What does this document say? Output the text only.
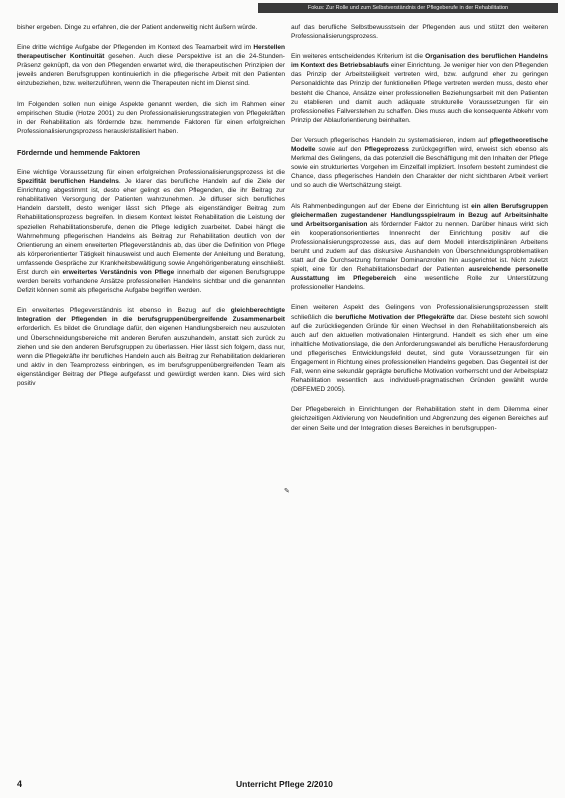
Fokus: Zur Rolle und zum Selbstverständnis der Pflegeberufe in der Rehabilitation

bisher ergeben. Dinge zu erfahren, die der Patient anderweitig nicht äußern würde.

Eine dritte wichtige Aufgabe der Pflegenden im Kontext des Teamarbeit wird im Herstellen therapeutischer Kontinuität gesehen. Auch diese Perspektive ist an die 24-Stunden-Präsenz geknüpft, da von den Pflegenden erwartet wird, die therapeutischen Prinzipien der jeweils anderen Berufsgruppen kontinuierlich in die pflegerische Arbeit mit den Patienten einzubeziehen, bzw. weiterzuführen, wenn die Therapeuten nicht im Dienst sind.

Im Folgenden sollen nun einige Aspekte genannt werden, die sich im Rahmen einer empirischen Studie (Hotze 2001) zu den Professionalisierungsstrategien von Pflegekräften in der Rehabilitation als fördernde bzw. hemmende Faktoren für einen erfolgreichen Professionalisierungsprozess herauskristallisiert haben.

Fördernde und hemmende Faktoren

Eine wichtige Voraussetzung für einen erfolgreichen Professionalisierungsprozess ist die Spezifität beruflichen Handelns. Je klarer das berufliche Handeln auf die Ziele der Einrichtung abgestimmt ist, desto eher gelingt es den Pflegenden, die ihr Beitrag zur rehabilitativen Versorgung der Patienten wahrzunehmen. Je diffuser sich berufliches Handeln darstellt, desto weniger lässt sich Pflege als eigenständiger Beitrag zum Rehabilitationsprozess begreifen. In diesem Kontext leistet Rehabilitation die Leistung der speziellen Rehabilitationsberufe, denen die Pflege lediglich zuarbeitet. Dabei hängt die Wahrnehmung pflegerischen Handelns als Beitrag zur Rehabilitation deutlich von der Orientierung an einem erweiterten Pflegeverständnis ab, das über die Definition von Pflege als körperorientierter Tätigkeit hinausweist und auch Elemente der Anleitung und Beratung, umfassende Gespräche zur Krankheitsbewältigung sowie Angehörigenberatung einschließt. Erst durch ein erweitertes Verständnis von Pflege innerhalb der eigenen Berufsgruppe werden bereits vorhandene Ansätze professionellen Handelns sichtbar und die genannten Defizit können somit als pflegerische Aufgabe begriffen werden.

Ein erweitertes Pflegeverständnis ist ebenso in Bezug auf die gleichberechtigte Integration der Pflegenden in die berufsgruppenübergreifende Zusammenarbeit erforderlich. Es bildet die Grundlage dafür, den eigenen Handlungsbereich neu auszuloten und Überschneidungsbereiche mit anderen Berufen auszuhandeln, anstatt sich zurück zu ziehen und sie den anderen Berufsgruppen zu überlassen. Hier lässt sich folgern, dass nur, wenn die Pflegekräfte ihr berufliches Handeln auch als Beitrag zur Rehabilitation deklarieren und aktiv in den Teamprozess einbringen, es im berufsgruppenübergreifenden Team als eigenständiger Beitrag der Pflege aufgefasst und gewürdigt werden kann. Dies wird sich positiv

auf das berufliche Selbstbewusstsein der Pflegenden aus und stützt den weiteren Professionalisierungsprozess.

Ein weiteres entscheidendes Kriterium ist die Organisation des beruflichen Handelns im Kontext des Betriebsablaufs einer Einrichtung. Je weniger hier von den Pflegenden das Prinzip der Arbeitsteiligkeit vertreten wird, bzw. aufgrund eher zu geringen Personaldichte das Prinzip der funktionellen Pflege vertreten werden muss, desto eher besteht die Chance, Ansätze einer professionellen Beziehungsarbeit mit den Patienten zu etablieren und damit auch adäquate strukturelle Voraussetzungen für ein professionelles Fallverstehen zu schaffen. Dies muss auch die konsequente Abkehr vom Prinzip der Ablauforientierung beinhalten.

Der Versuch pflegerisches Handeln zu systematisieren, indem auf pflegetheoretische Modelle sowie auf den Pflegeprozess zurückgegriffen wird, erweist sich ebenso als Merkmal des Gelingens, da das potenziell die Beschäftigung mit den Inhalten der Pflege sowie ein strukturiertes Vorgehen im Einzelfall impliziert. Insofern besteht zumindest die Chance, dass pflegerisches Handeln den Charakter der nicht sichtbaren Arbeit verliert und so auch die Wertschätzung steigt.

Als Rahmenbedingungen auf der Ebene der Einrichtung ist ein allen Berufsgruppen gleichermaßen zugestandener Handlungsspielraum in Bezug auf Arbeitsinhalte und Arbeitsorganisation als fördernder Faktor zu nennen. Darüber hinaus wirkt sich ein kooperationsorientiertes Innenrecht der Einrichtung positiv auf die Professionalisierungsprozesse aus, das auf dem Modell interdisziplinären Arbeitens beruht und zudem auf das diskursive Aushandeln von Überschneidungsproblematiken statt auf die Durchsetzung formaler Dominanzrollen hin ausgerichtet ist. Nicht zuletzt spielt, eine für den Rehabilitationsbedarf der Patienten ausreichende personelle Ausstattung im Pflegebereich eine wesentliche Rolle zur Unterstützung professioneller Handelns.

Einen weiteren Aspekt des Gelingens von Professionalisierungsprozessen stellt schließlich die berufliche Motivation der Pflegekräfte dar. Diese besteht sich sowohl auf die zurückliegenden Gründe für einen Wechsel in den Rehabilitationsbereich als auch auf den aktuellen motivationalen Hintergrund. Handelt es sich eher um eine inhaltliche Motivationslage, die den Anforderungswandel als berufliche Herausforderung und pflegerisches Entwicklungsfeld deutet, sind gute Voraussetzungen für ein Engagement in Richtung eines professionellen Handelns gegeben. Das Gegenteil ist der Fall, wenn eine sekundär geprägte berufliche Motivation vorherrscht und der Arbeitsplatz Rehabilitation wesentlich aus individuell-pragmatischen Gründen gewählt wurde (DBFEMED 2005).

Der Pflegebereich in Einrichtungen der Rehabilitation steht in dem Dilemma einer gleichzeitigen Aktivierung von Neudefinition und Abgrenzung des eigenen Bereiches auf der einen Seite und der Integration dieses Bereiches in berufsgruppen-

✎
4	Unterricht Pflege 2/2010
